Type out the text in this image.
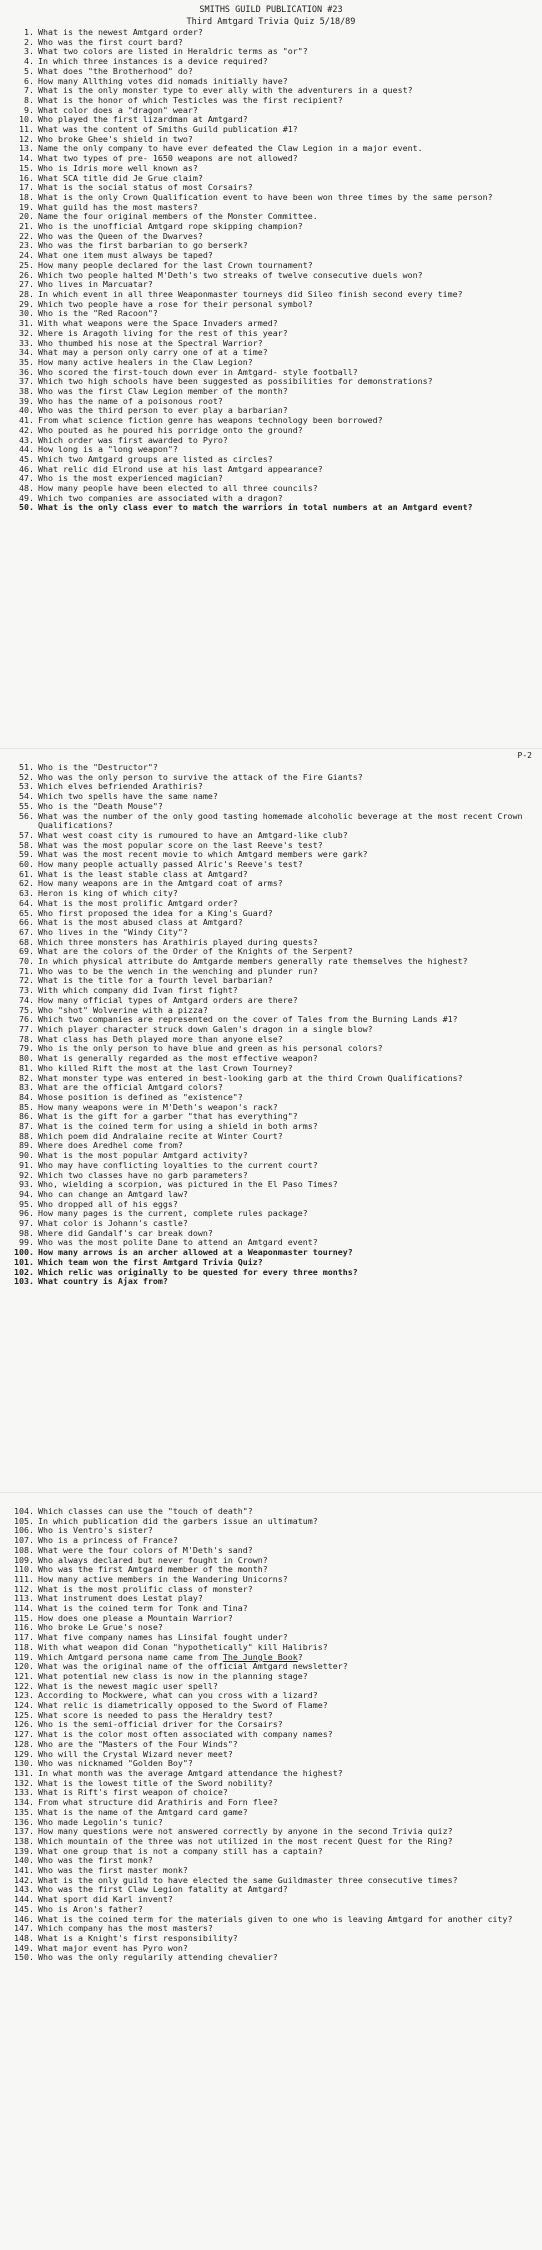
SMITHS GUILD PUBLICATION #23
Third Amtgard Trivia Quiz 5/18/89
1. What is the newest Amtgard order?
2. Who was the first court bard?
3. What two colors are listed in Heraldric terms as "or"?
4. In which three instances is a device required?
5. What does "the Brotherhood" do?
6. How many Allthing votes did nomads initially have?
7. What is the only monster type to ever ally with the adventurers in a quest?
8. What is the honor of which Testicles was the first recipient?
9. What color does a "dragon" wear?
10. Who played the first lizardman at Amtgard?
11. What was the content of Smiths Guild publication #1?
12. Who broke Ghee's shield in two?
13. Name the only company to have ever defeated the Claw Legion in a major event.
14. What two types of pre- 1650 weapons are not allowed?
15. Who is Idris more well known as?
16. What SCA title did Je Grue claim?
17. What is the social status of most Corsairs?
18. What is the only Crown Qualification event to have been won three times by the same person?
19. What guild has the most masters?
20. Name the four original members of the Monster Committee.
21. Who is the unofficial Amtgard rope skipping champion?
22. Who was the Queen of the Dwarves?
23. Who was the first barbarian to go berserk?
24. What one item must always be taped?
25. How many people declared for the last Crown tournament?
26. Which two people halted M'Deth's two streaks of twelve consecutive duels won?
27. Who lives in Marcuatar?
28. In which event in all three Weaponmaster tourneys did Sileo finish second every time?
29. Which two people have a rose for their personal symbol?
30. Who is the "Red Racoon"?
31. With what weapons were the Space Invaders armed?
32. Where is Aragoth living for the rest of this year?
33. Who thumbed his nose at the Spectral Warrior?
34. What may a person only carry one of at a time?
35. How many active healers in the Claw Legion?
36. Who scored the first-touch down ever in Amtgard- style football?
37. Which two high schools have been suggested as possibilities for demonstrations?
38. Who was the first Claw Legion member of the month?
39. Who has the name of a poisonous root?
40. Who was the third person to ever play a barbarian?
41. From what science fiction genre has weapons technology been borrowed?
42. Who pouted as he poured his porridge onto the ground?
43. Which order was first awarded to Pyro?
44. How long is a "long weapon"?
45. Which two Amtgard groups are listed as circles?
46. What relic did Elrond use at his last Amtgard appearance?
47. Who is the most experienced magician?
48. How many people have been elected to all three councils?
49. Which two companies are associated with a dragon?
50. What is the only class ever to match the warriors in total numbers at an Amtgard event?
P-2
51. Who is the "Destructor"?
52. Who was the only person to survive the attack of the Fire Giants?
53. Which elves befriended Arathiris?
54. Which two spells have the same name?
55. Who is the "Death Mouse"?
56. What was the number of the only good tasting homemade alcoholic beverage at the most recent Crown Qualifications?
57. What west coast city is rumoured to have an Amtgard-like club?
58. What was the most popular score on the last Reeve's test?
59. What was the most recent movie to which Amtgard members were gark?
60. How many people actually passed Alric's Reeve's test?
61. What is the least stable class at Amtgard?
62. How many weapons are in the Amtgard coat of arms?
63. Heron is king of which city?
64. What is the most prolific Amtgard order?
65. Who first proposed the idea for a King's Guard?
66. What is the most abused class at Amtgard?
67. Who lives in the "Windy City"?
68. Which three monsters has Arathiris played during quests?
69. What are the colors of the Order of the Knights of the Serpent?
70. In which physical attribute do Amtgarde members generally rate themselves the highest?
71. Who was to be the wench in the wenching and plunder run?
72. What is the title for a fourth level barbarian?
73. With which company did Ivan first fight?
74. How many official types of Amtgard orders are there?
75. Who "shot" Wolverine with a pizza?
76. Which two companies are represented on the cover of Tales from the Burning Lands #1?
77. Which player character struck down Galen's dragon in a single blow?
78. What class has Deth played more than anyone else?
79. Who is the only person to have blue and green as his personal colors?
80. What is generally regarded as the most effective weapon?
81. Who killed Rift the most at the last Crown Tourney?
82. What monster type was entered in best-looking garb at the third Crown Qualifications?
83. What are the official Amtgard colors?
84. Whose position is defined as "existence"?
85. How many weapons were in M'Deth's weapon's rack?
86. What is the gift for a garber "that has everything"?
87. What is the coined term for using a shield in both arms?
88. Which poem did Andralaine recite at Winter Court?
89. Where does Aredhel come from?
90. What is the most popular Amtgard activity?
91. Who may have conflicting loyalties to the current court?
92. Which two classes have no garb parameters?
93. Who, wielding a scorpion, was pictured in the El Paso Times?
94. Who can change an Amtgard law?
95. Who dropped all of his eggs?
96. How many pages is the current, complete rules package?
97. What color is Johann's castle?
98. Where did Gandalf's car break down?
99. Who was the most polite Dane to attend an Amtgard event?
100. How many arrows is an archer allowed at a Weaponmaster tourney?
101. Which team won the first Amtgard Trivia Quiz?
102. Which relic was originally to be quested for every three months?
103. What country is Ajax from?
104. Which classes can use the "touch of death"?
105. In which publication did the garbers issue an ultimatum?
106. Who is Ventro's sister?
107. Who is a princess of France?
108. What were the four colors of M'Deth's sand?
109. Who always declared but never fought in Crown?
110. Who was the first Amtgard member of the month?
111. How many active members in the Wandering Unicorns?
112. What is the most prolific class of monster?
113. What instrument does Lestat play?
114. What is the coined term for Tonk and Tina?
115. How does one please a Mountain Warrior?
116. Who broke Le Grue's nose?
117. What five company names has Linsifal fought under?
118. With what weapon did Conan "hypothetically" kill Halibris?
119. Which Amtgard persona name came from The Jungle Book?
120. What was the original name of the official Amtgard newsletter?
121. What potential new class is now in the planning stage?
122. What is the newest magic user spell?
123. According to Mockwere, what can you cross with a lizard?
124. What relic is diametrically opposed to the Sword of Flame?
125. What score is needed to pass the Heraldry test?
126. Who is the semi-official driver for the Corsairs?
127. What is the color most often associated with company names?
128. Who are the "Masters of the Four Winds"?
129. Who will the Crystal Wizard never meet?
130. Who was nicknamed "Golden Boy"?
131. In what month was the average Amtgard attendance the highest?
132. What is the lowest title of the Sword nobility?
133. What is Rift's first weapon of choice?
134. From what structure did Arathiris and Forn flee?
135. What is the name of the Amtgard card game?
136. Who made Legolin's tunic?
137. How many questions were not answered correctly by anyone in the second Trivia quiz?
138. Which mountain of the three was not utilized in the most recent Quest for the Ring?
139. What one group that is not a company still has a captain?
140. Who was the first monk?
141. Who was the first master monk?
142. What is the only guild to have elected the same Guildmaster three consecutive times?
143. Who was the first Claw Legion fatality at Amtgard?
144. What sport did Karl invent?
145. Who is Aron's father?
146. What is the coined term for the materials given to one who is leaving Amtgard for another city?
147. Which company has the most masters?
148. What is a Knight's first responsibility?
149. What major event has Pyro won?
150. Who was the only regularily attending chevalier?
